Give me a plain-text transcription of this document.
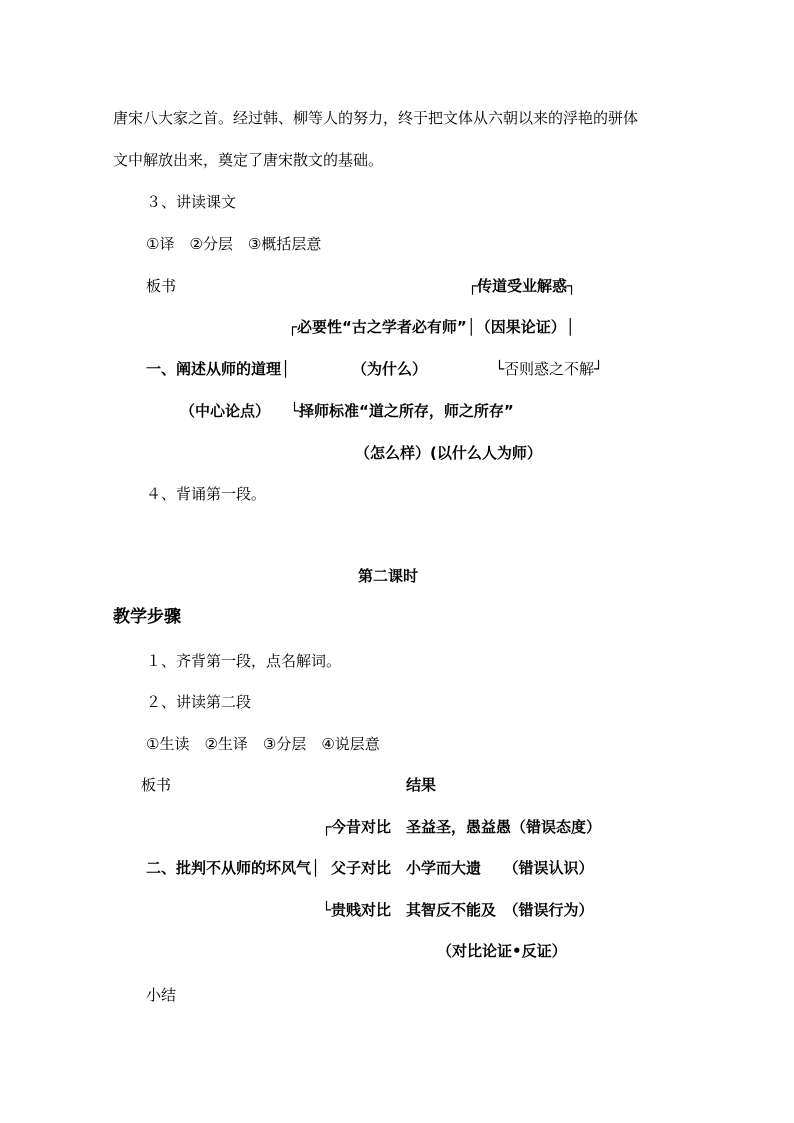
唐宋八大家之首。经过韩、柳等人的努力，终于把文体从六朝以来的浮艳的骈体
文中解放出来，奠定了唐宋散文的基础。
３、讲读课文
①译　②分层　③概括层意
板书	┌传道受业解惑┐
┌必要性“古之学者必有师”│（因果论证）│
一、阐述从师的道理│	（为什么）	└否则惑之不解┘
（中心论点） └择师标准“道之所存，师之所存”
（怎么样）(以什么人为师）
４、背诵第一段。
第二课时
教学步骤
１、齐背第一段，点名解词。
２、讲读第二段
①生读　②生译　③分层　④说层意
板书	结果
┌今昔对比　圣益圣，愚益愚（错误态度）
二、批判不从师的坏风气│ 父子对比　小学而大遗　　（错误认识）
└贵贱对比　其智反不能及　（错误行为）
（对比论证•反证）
小结
